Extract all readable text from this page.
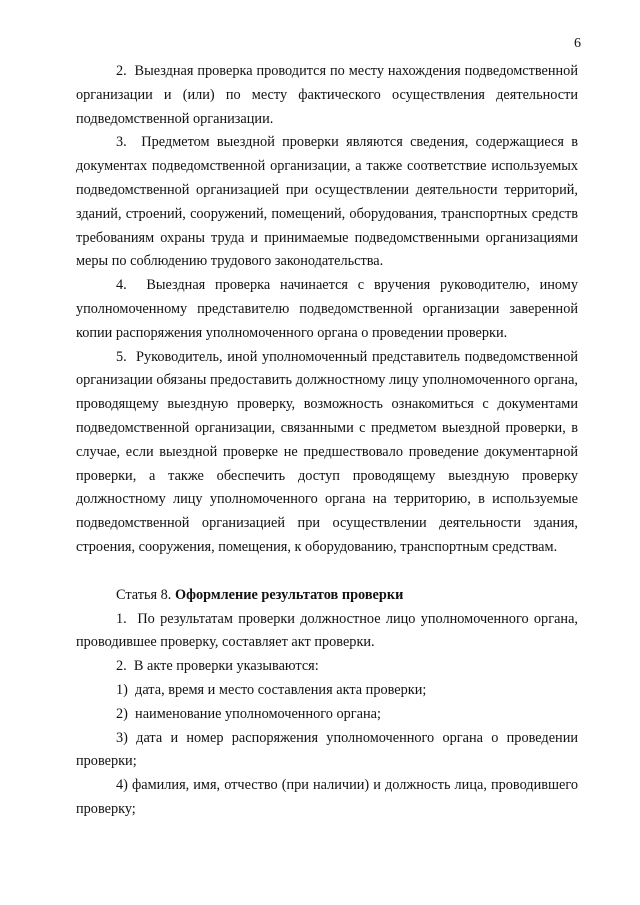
6

2.  Выездная проверка проводится по месту нахождения подведомственной организации и (или) по месту фактического осуществления деятельности подведомственной организации.

3.  Предметом выездной проверки являются сведения, содержащиеся в документах подведомственной организации, а также соответствие используемых подведомственной организацией при осуществлении деятельности территорий, зданий, строений, сооружений, помещений, оборудования, транспортных средств требованиям охраны труда и принимаемые подведомственными организациями меры по соблюдению трудового законодательства.

4.  Выездная проверка начинается с вручения руководителю, иному уполномоченному представителю подведомственной организации заверенной копии распоряжения уполномоченного органа о проведении проверки.

5.  Руководитель, иной уполномоченный представитель подведомственной организации обязаны предоставить должностному лицу уполномоченного органа, проводящему выездную проверку, возможность ознакомиться с документами подведомственной организации, связанными с предметом выездной проверки, в случае, если выездной проверке не предшествовало проведение документарной проверки, а также обеспечить доступ проводящему выездную проверку должностному лицу уполномоченного органа на территорию, в используемые подведомственной организацией при осуществлении деятельности здания, строения, сооружения, помещения, к оборудованию, транспортным средствам.

Статья 8. Оформление результатов проверки

1.  По результатам проверки должностное лицо уполномоченного органа, проводившее проверку, составляет акт проверки.

2.  В акте проверки указываются:

1)  дата, время и место составления акта проверки;

2)  наименование уполномоченного органа;

3) дата и номер распоряжения уполномоченного органа о проведении проверки;

4) фамилия, имя, отчество (при наличии) и должность лица, проводившего проверку;
